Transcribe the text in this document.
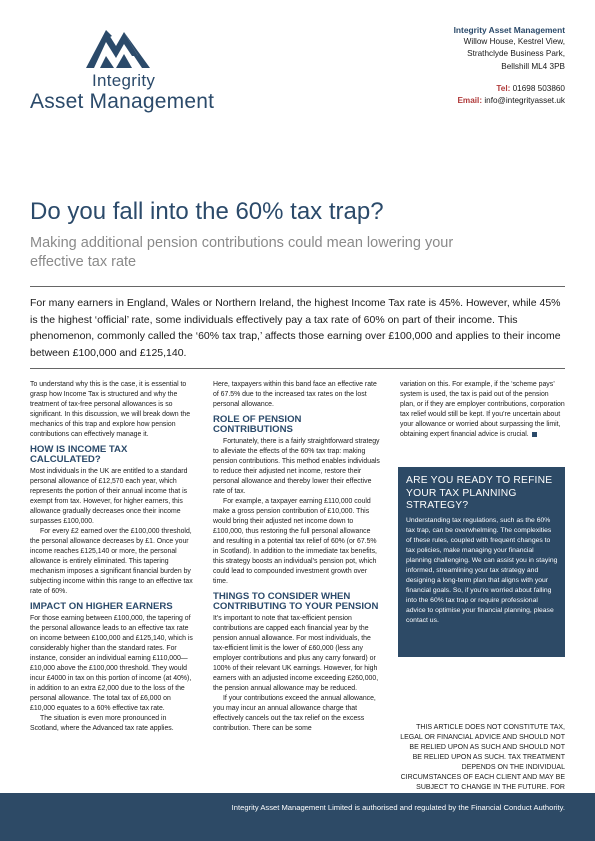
Integrity
Asset Management
Integrity Asset Management
Willow House, Kestrel View,
Strathclyde Business Park,
Bellshill ML4 3PB
Tel: 01698 503860
Email: info@integrityasset.uk
Do you fall into the 60% tax trap?
Making additional pension contributions could mean lowering your effective tax rate
For many earners in England, Wales or Northern Ireland, the highest Income Tax rate is 45%. However, while 45% is the highest ‘official’ rate, some individuals effectively pay a tax rate of 60% on part of their income. This phenomenon, commonly called the ‘60% tax trap,’ affects those earning over £100,000 and applies to their income between £100,000 and £125,140.

To understand why this is the case, it is essential to grasp how Income Tax is structured and why the treatment of tax-free personal allowances is so significant. In this discussion, we will break down the mechanics of this trap and explore how pension contributions can effectively manage it.

HOW IS INCOME TAX CALCULATED?

Most individuals in the UK are entitled to a standard personal allowance of £12,570 each year, which represents the portion of their annual income that is exempt from tax. However, for higher earners, this allowance gradually decreases once their income surpasses £100,000.

For every £2 earned over the £100,000 threshold, the personal allowance decreases by £1. Once your income reaches £125,140 or more, the personal allowance is entirely eliminated. This tapering mechanism imposes a significant financial burden by subjecting income within this range to an effective tax rate of 60%.

IMPACT ON HIGHER EARNERS

For those earning between £100,000, the tapering of the personal allowance leads to an effective tax rate on income between £100,000 and £125,140, which is considerably higher than the standard rates. For instance, consider an individual earning £110,000—£10,000 above the £100,000 threshold. They would incur £4000 in tax on this portion of income (at 40%), in addition to an extra £2,000 due to the loss of the personal allowance. The total tax of £6,000 on £10,000 equates to a 60% effective tax rate.

The situation is even more pronounced in Scotland, where the Advanced tax rate applies.

Here, taxpayers within this band face an effective rate of 67.5% due to the increased tax rates on the lost personal allowance.

ROLE OF PENSION CONTRIBUTIONS

Fortunately, there is a fairly straightforward strategy to alleviate the effects of the 60% tax trap: making pension contributions. This method enables individuals to reduce their adjusted net income, restore their personal allowance and thereby lower their effective rate of tax.

For example, a taxpayer earning £110,000 could make a gross pension contribution of £10,000. This would bring their adjusted net income down to £100,000, thus restoring the full personal allowance and resulting in a potential tax relief of 60% (or 67.5% in Scotland). In addition to the immediate tax benefits, this strategy boosts an individual’s pension pot, which could lead to compounded investment growth over time.

THINGS TO CONSIDER WHEN CONTRIBUTING TO YOUR PENSION

It’s important to note that tax-efficient pension contributions are capped each financial year by the pension annual allowance. For most individuals, the tax-efficient limit is the lower of £60,000 (less any employer contributions and plus any carry forward) or 100% of their relevant UK earnings. However, for high earners with an adjusted income exceeding £260,000, the pension annual allowance may be reduced.

If your contributions exceed the annual allowance, you may incur an annual allowance charge that effectively cancels out the tax relief on the excess contribution. There can be some

variation on this. For example, if the ‘scheme pays’ system is used, the tax is paid out of the pension plan, or if they are employer contributions, corporation tax relief would still be kept. If you’re uncertain about your allowance or worried about surpassing the limit, obtaining expert financial advice is crucial.

ARE YOU READY TO REFINE YOUR TAX PLANNING STRATEGY?
Understanding tax regulations, such as the 60% tax trap, can be overwhelming. The complexities of these rules, coupled with frequent changes to tax policies, make managing your financial planning challenging. We can assist you in staying informed, streamlining your tax strategy and designing a long-term plan that aligns with your financial goals. So, if you’re worried about falling into the 60% tax trap or require professional advice to optimise your financial planning, please contact us.
THIS ARTICLE DOES NOT CONSTITUTE TAX, LEGAL OR FINANCIAL ADVICE AND SHOULD NOT BE RELIED UPON AS SUCH AND SHOULD NOT BE RELIED UPON AS SUCH. TAX TREATMENT DEPENDS ON THE INDIVIDUAL CIRCUMSTANCES OF EACH CLIENT AND MAY BE SUBJECT TO CHANGE IN THE FUTURE. FOR
Integrity Asset Management Limited is authorised and regulated by the Financial Conduct Authority.
